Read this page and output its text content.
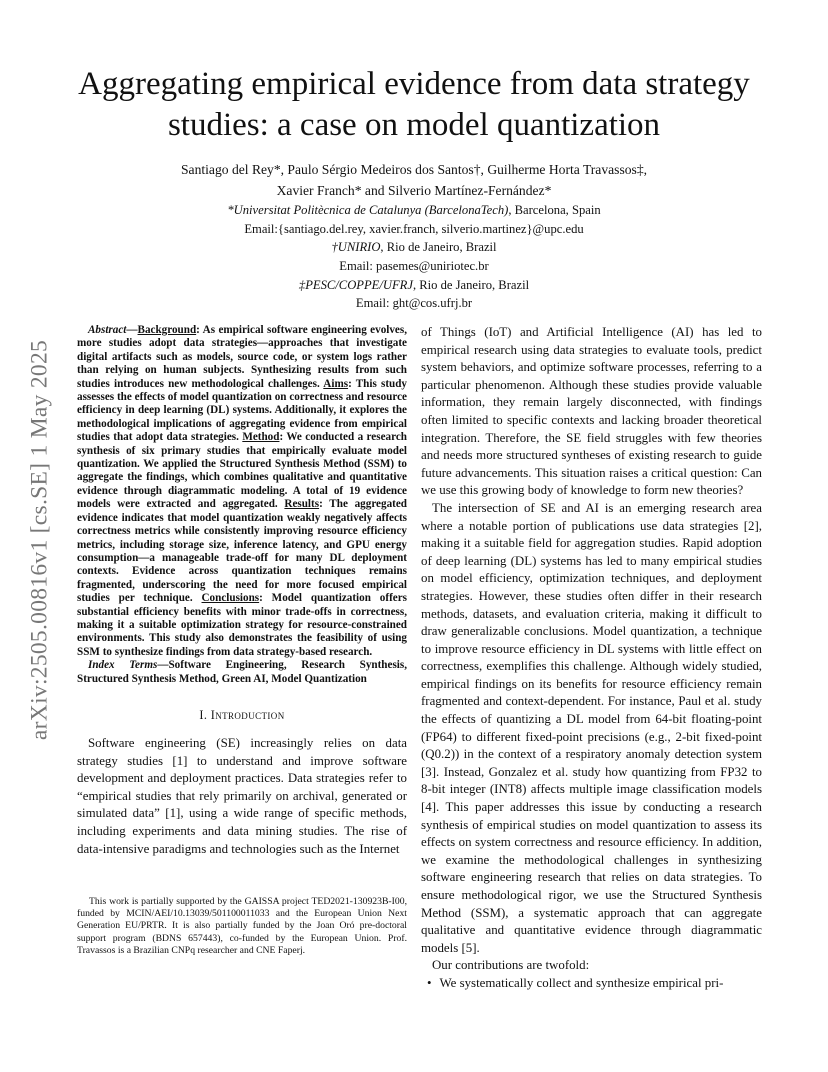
arXiv:2505.00816v1 [cs.SE] 1 May 2025
Aggregating empirical evidence from data strategy
studies: a case on model quantization
Santiago del Rey*, Paulo Sérgio Medeiros dos Santos†, Guilherme Horta Travassos‡,
Xavier Franch* and Silverio Martínez-Fernández*
*Universitat Politècnica de Catalunya (BarcelonaTech), Barcelona, Spain
Email:{santiago.del.rey, xavier.franch, silverio.martinez}@upc.edu
†UNIRIO, Rio de Janeiro, Brazil
Email: pasemes@uniriotec.br
‡PESC/COPPE/UFRJ, Rio de Janeiro, Brazil
Email: ght@cos.ufrj.br

Abstract—Background: As empirical software engineering evolves, more studies adopt data strategies—approaches that investigate digital artifacts such as models, source code, or system logs rather than relying on human subjects. Synthesizing results from such studies introduces new methodological challenges. Aims: This study assesses the effects of model quantization on correctness and resource efficiency in deep learning (DL) systems. Additionally, it explores the methodological implications of aggregating evidence from empirical studies that adopt data strategies. Method: We conducted a research synthesis of six primary studies that empirically evaluate model quantization. We applied the Structured Synthesis Method (SSM) to aggregate the findings, which combines qualitative and quantitative evidence through diagrammatic modeling. A total of 19 evidence models were extracted and aggregated. Results: The aggregated evidence indicates that model quantization weakly negatively affects correctness metrics while consistently improving resource efficiency metrics, including storage size, inference latency, and GPU energy consumption—a manageable trade-off for many DL deployment contexts. Evidence across quantization techniques remains fragmented, underscoring the need for more focused empirical studies per technique. Conclusions: Model quantization offers substantial efficiency benefits with minor trade-offs in correctness, making it a suitable optimization strategy for resource-constrained environments. This study also demonstrates the feasibility of using SSM to synthesize findings from data strategy-based research.

Index Terms—Software Engineering, Research Synthesis, Structured Synthesis Method, Green AI, Model Quantization

I. Introduction

Software engineering (SE) increasingly relies on data strategy studies [1] to understand and improve software development and deployment practices. Data strategies refer to “empirical studies that rely primarily on archival, generated or simulated data” [1], using a wide range of specific methods, including experiments and data mining studies. The rise of data-intensive paradigms and technologies such as the Internet

This work is partially supported by the GAISSA project TED2021-130923B-I00, funded by MCIN/AEI/10.13039/501100011033 and the European Union Next Generation EU/PRTR. It is also partially funded by the Joan Oró pre-doctoral support program (BDNS 657443), co-funded by the European Union. Prof. Travassos is a Brazilian CNPq researcher and CNE Faperj.

of Things (IoT) and Artificial Intelligence (AI) has led to empirical research using data strategies to evaluate tools, predict system behaviors, and optimize software processes, referring to a particular phenomenon. Although these studies provide valuable information, they remain largely disconnected, with findings often limited to specific contexts and lacking broader theoretical integration. Therefore, the SE field struggles with few theories and needs more structured syntheses of existing research to guide future advancements. This situation raises a critical question: Can we use this growing body of knowledge to form new theories?

The intersection of SE and AI is an emerging research area where a notable portion of publications use data strategies [2], making it a suitable field for aggregation studies. Rapid adoption of deep learning (DL) systems has led to many empirical studies on model efficiency, optimization techniques, and deployment strategies. However, these studies often differ in their research methods, datasets, and evaluation criteria, making it difficult to draw generalizable conclusions. Model quantization, a technique to improve resource efficiency in DL systems with little effect on correctness, exemplifies this challenge. Although widely studied, empirical findings on its benefits for resource efficiency remain fragmented and context-dependent. For instance, Paul et al. study the effects of quantizing a DL model from 64-bit floating-point (FP64) to different fixed-point precisions (e.g., 2-bit fixed-point (Q0.2)) in the context of a respiratory anomaly detection system [3]. Instead, Gonzalez et al. study how quantizing from FP32 to 8-bit integer (INT8) affects multiple image classification models [4]. This paper addresses this issue by conducting a research synthesis of empirical studies on model quantization to assess its effects on system correctness and resource efficiency. In addition, we examine the methodological challenges in synthesizing software engineering research that relies on data strategies. To ensure methodological rigor, we use the Structured Synthesis Method (SSM), a systematic approach that can aggregate qualitative and quantitative evidence through diagrammatic models [5].

Our contributions are twofold:

• We systematically collect and synthesize empirical pri-
